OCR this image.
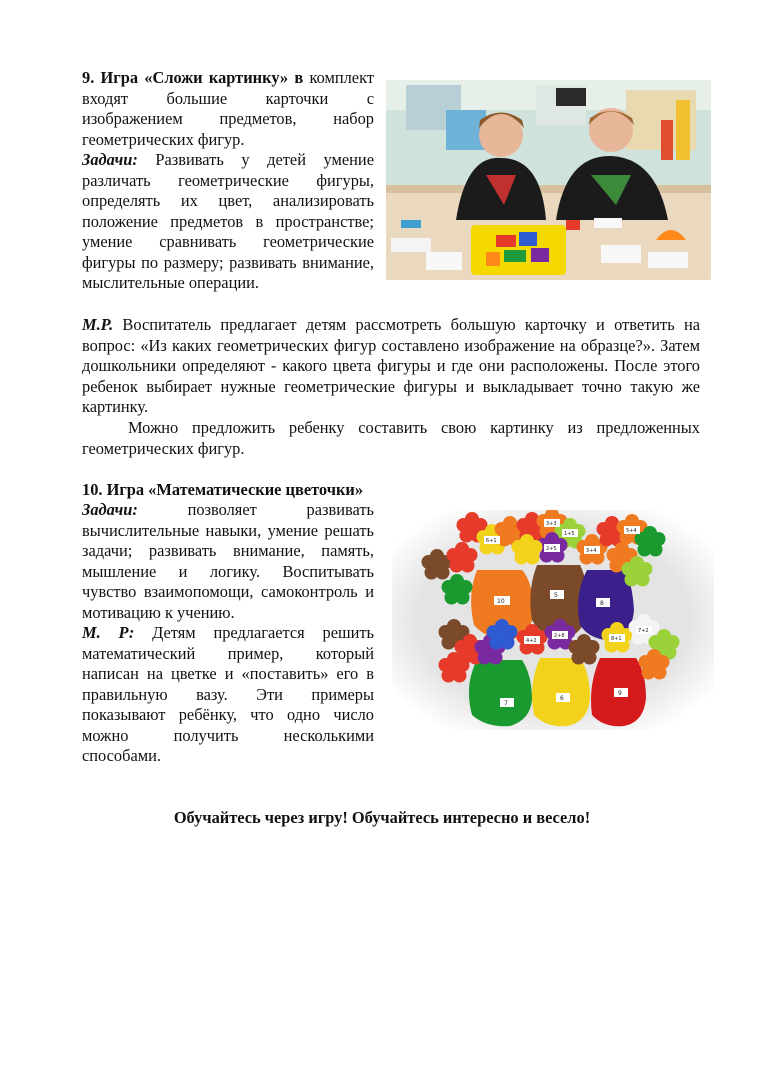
9. Игра «Сложи картинку» в комплект входят большие карточки с изображением предметов, набор геометрических фигур.
Задачи: Развивать у детей умение различать геометрические фигуры, определять их цвет, анализировать положение предметов в пространстве; умение сравнивать геометрические фигуры по размеру; развивать внимание, мыслительные операции.

М.Р. Воспитатель предлагает детям рассмотреть большую карточку и ответить на вопрос: «Из каких геометрических фигур составлено изображение на образце?». Затем дошкольники определяют - какого цвета фигуры и где они расположены. После этого ребенок выбирает нужные геометрические фигуры и выкладывает точно такую же картинку.

Можно предложить ребенку составить свою картинку из предложенных геометрических фигур.

10. Игра «Математические цветочки»

Задачи:	позволяет развивать вычислительные навыки, умение решать задачи; развивать внимание, память, мышление и логику. Воспитывать чувство взаимопомощи, самоконтроль и мотивацию к учению.
М. Р: Детям предлагается решить математический пример, который написан на цветке и «поставить» его в правильную вазу. Эти примеры показывают ребёнку, что одно число можно получить несколькими способами.

10
5
8
7
6
9
3+3
1+5	5+4
2+5	3+4
7+2
4+2
2+8
6+1
8+1

Обучайтесь через игру! Обучайтесь интересно и весело!
